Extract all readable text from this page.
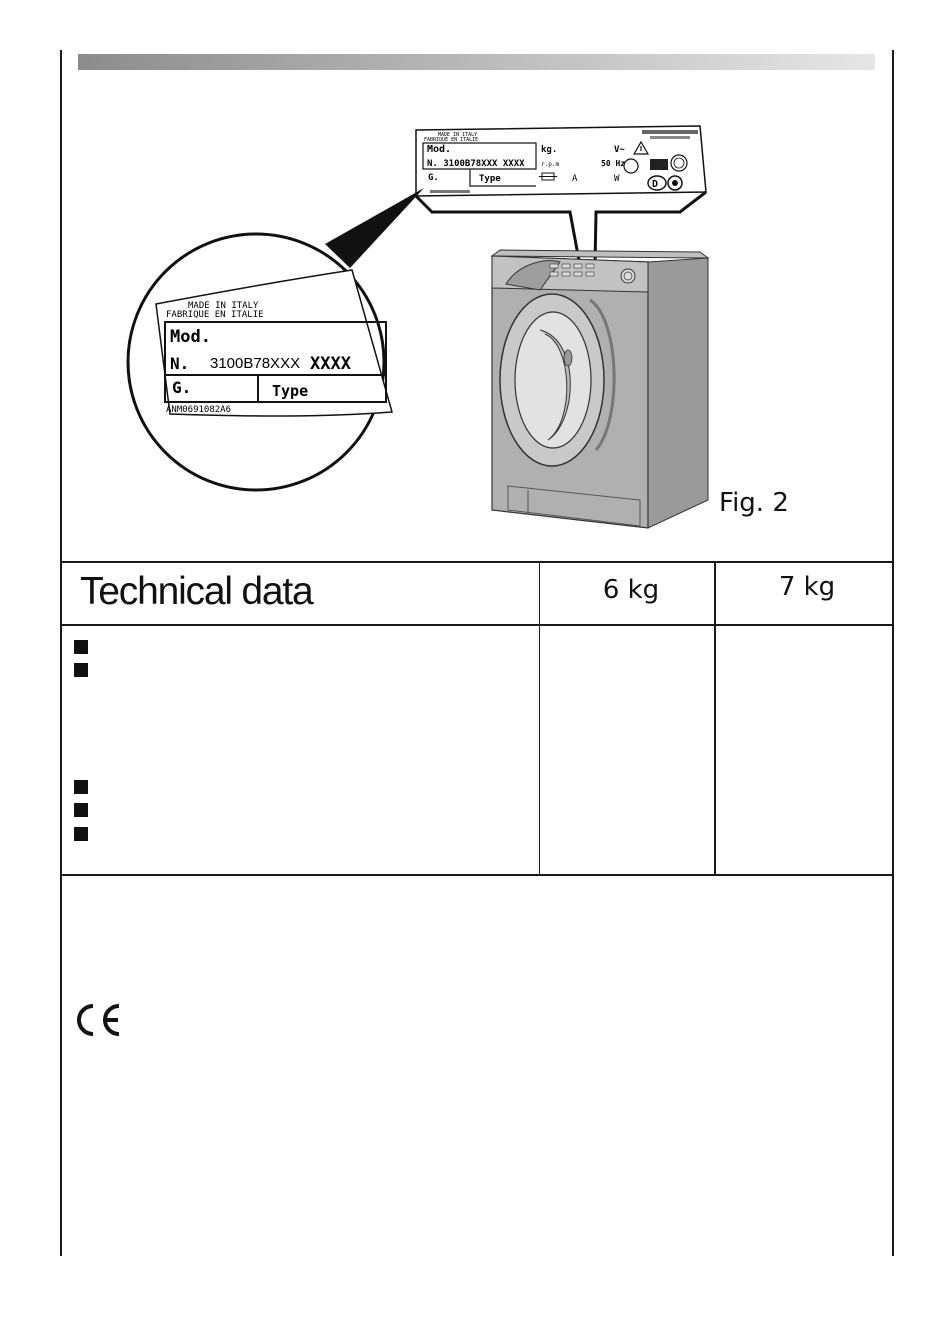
MADE IN ITALY
FABRIQUE EN ITALIE
Mod.
N. 3100B78XXX XXXX
G.	Type
kg.
r.p.m
V~
50 Hz
A	W	D
MADE IN ITALY
FABRIQUE EN ITALIE
Mod.
N. 3100B78XXX XXXX
G.	Type
ANM0691082A6
Fig. 2
Technical data	6 kg	7 kg
